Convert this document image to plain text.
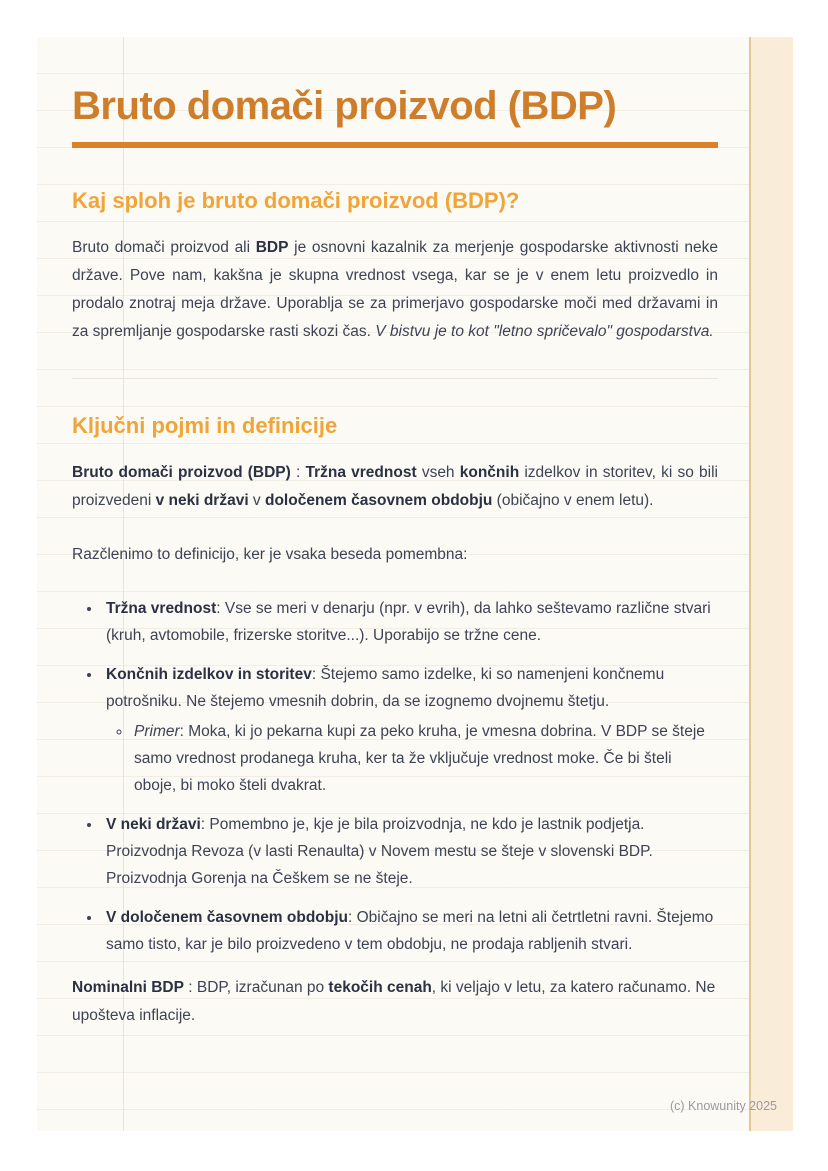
Bruto domači proizvod (BDP)
Kaj sploh je bruto domači proizvod (BDP)?

Bruto domači proizvod ali BDP je osnovni kazalnik za merjenje gospodarske aktivnosti neke države. Pove nam, kakšna je skupna vrednost vsega, kar se je v enem letu proizvedlo in prodalo znotraj meja države. Uporablja se za primerjavo gospodarske moči med državami in za spremljanje gospodarske rasti skozi čas. V bistvu je to kot "letno spričevalo" gospodarstva.

Ključni pojmi in definicije

Bruto domači proizvod (BDP) : Tržna vrednost vseh končnih izdelkov in storitev, ki so bili proizvedeni v neki državi v določenem časovnem obdobju (običajno v enem letu).

Razčlenimo to definicijo, ker je vsaka beseda pomembna:

• Tržna vrednost: Vse se meri v denarju (npr. v evrih), da lahko seštevamo različne stvari (kruh, avtomobile, frizerske storitve...). Uporabijo se tržne cene.
• Končnih izdelkov in storitev: Štejemo samo izdelke, ki so namenjeni končnemu potrošniku. Ne štejemo vmesnih dobrin, da se izognemo dvojnemu štetju.
◦ Primer: Moka, ki jo pekarna kupi za peko kruha, je vmesna dobrina. V BDP se šteje samo vrednost prodanega kruha, ker ta že vključuje vrednost moke. Če bi šteli oboje, bi moko šteli dvakrat.
• V neki državi: Pomembno je, kje je bila proizvodnja, ne kdo je lastnik podjetja. Proizvodnja Revoza (v lasti Renaulta) v Novem mestu se šteje v slovenski BDP. Proizvodnja Gorenja na Češkem se ne šteje.
• V določenem časovnem obdobju: Običajno se meri na letni ali četrtletni ravni. Štejemo samo tisto, kar je bilo proizvedeno v tem obdobju, ne prodaja rabljenih stvari.

Nominalni BDP : BDP, izračunan po tekočih cenah, ki veljajo v letu, za katero računamo. Ne upošteva inflacije.

(c) Knowunity 2025
